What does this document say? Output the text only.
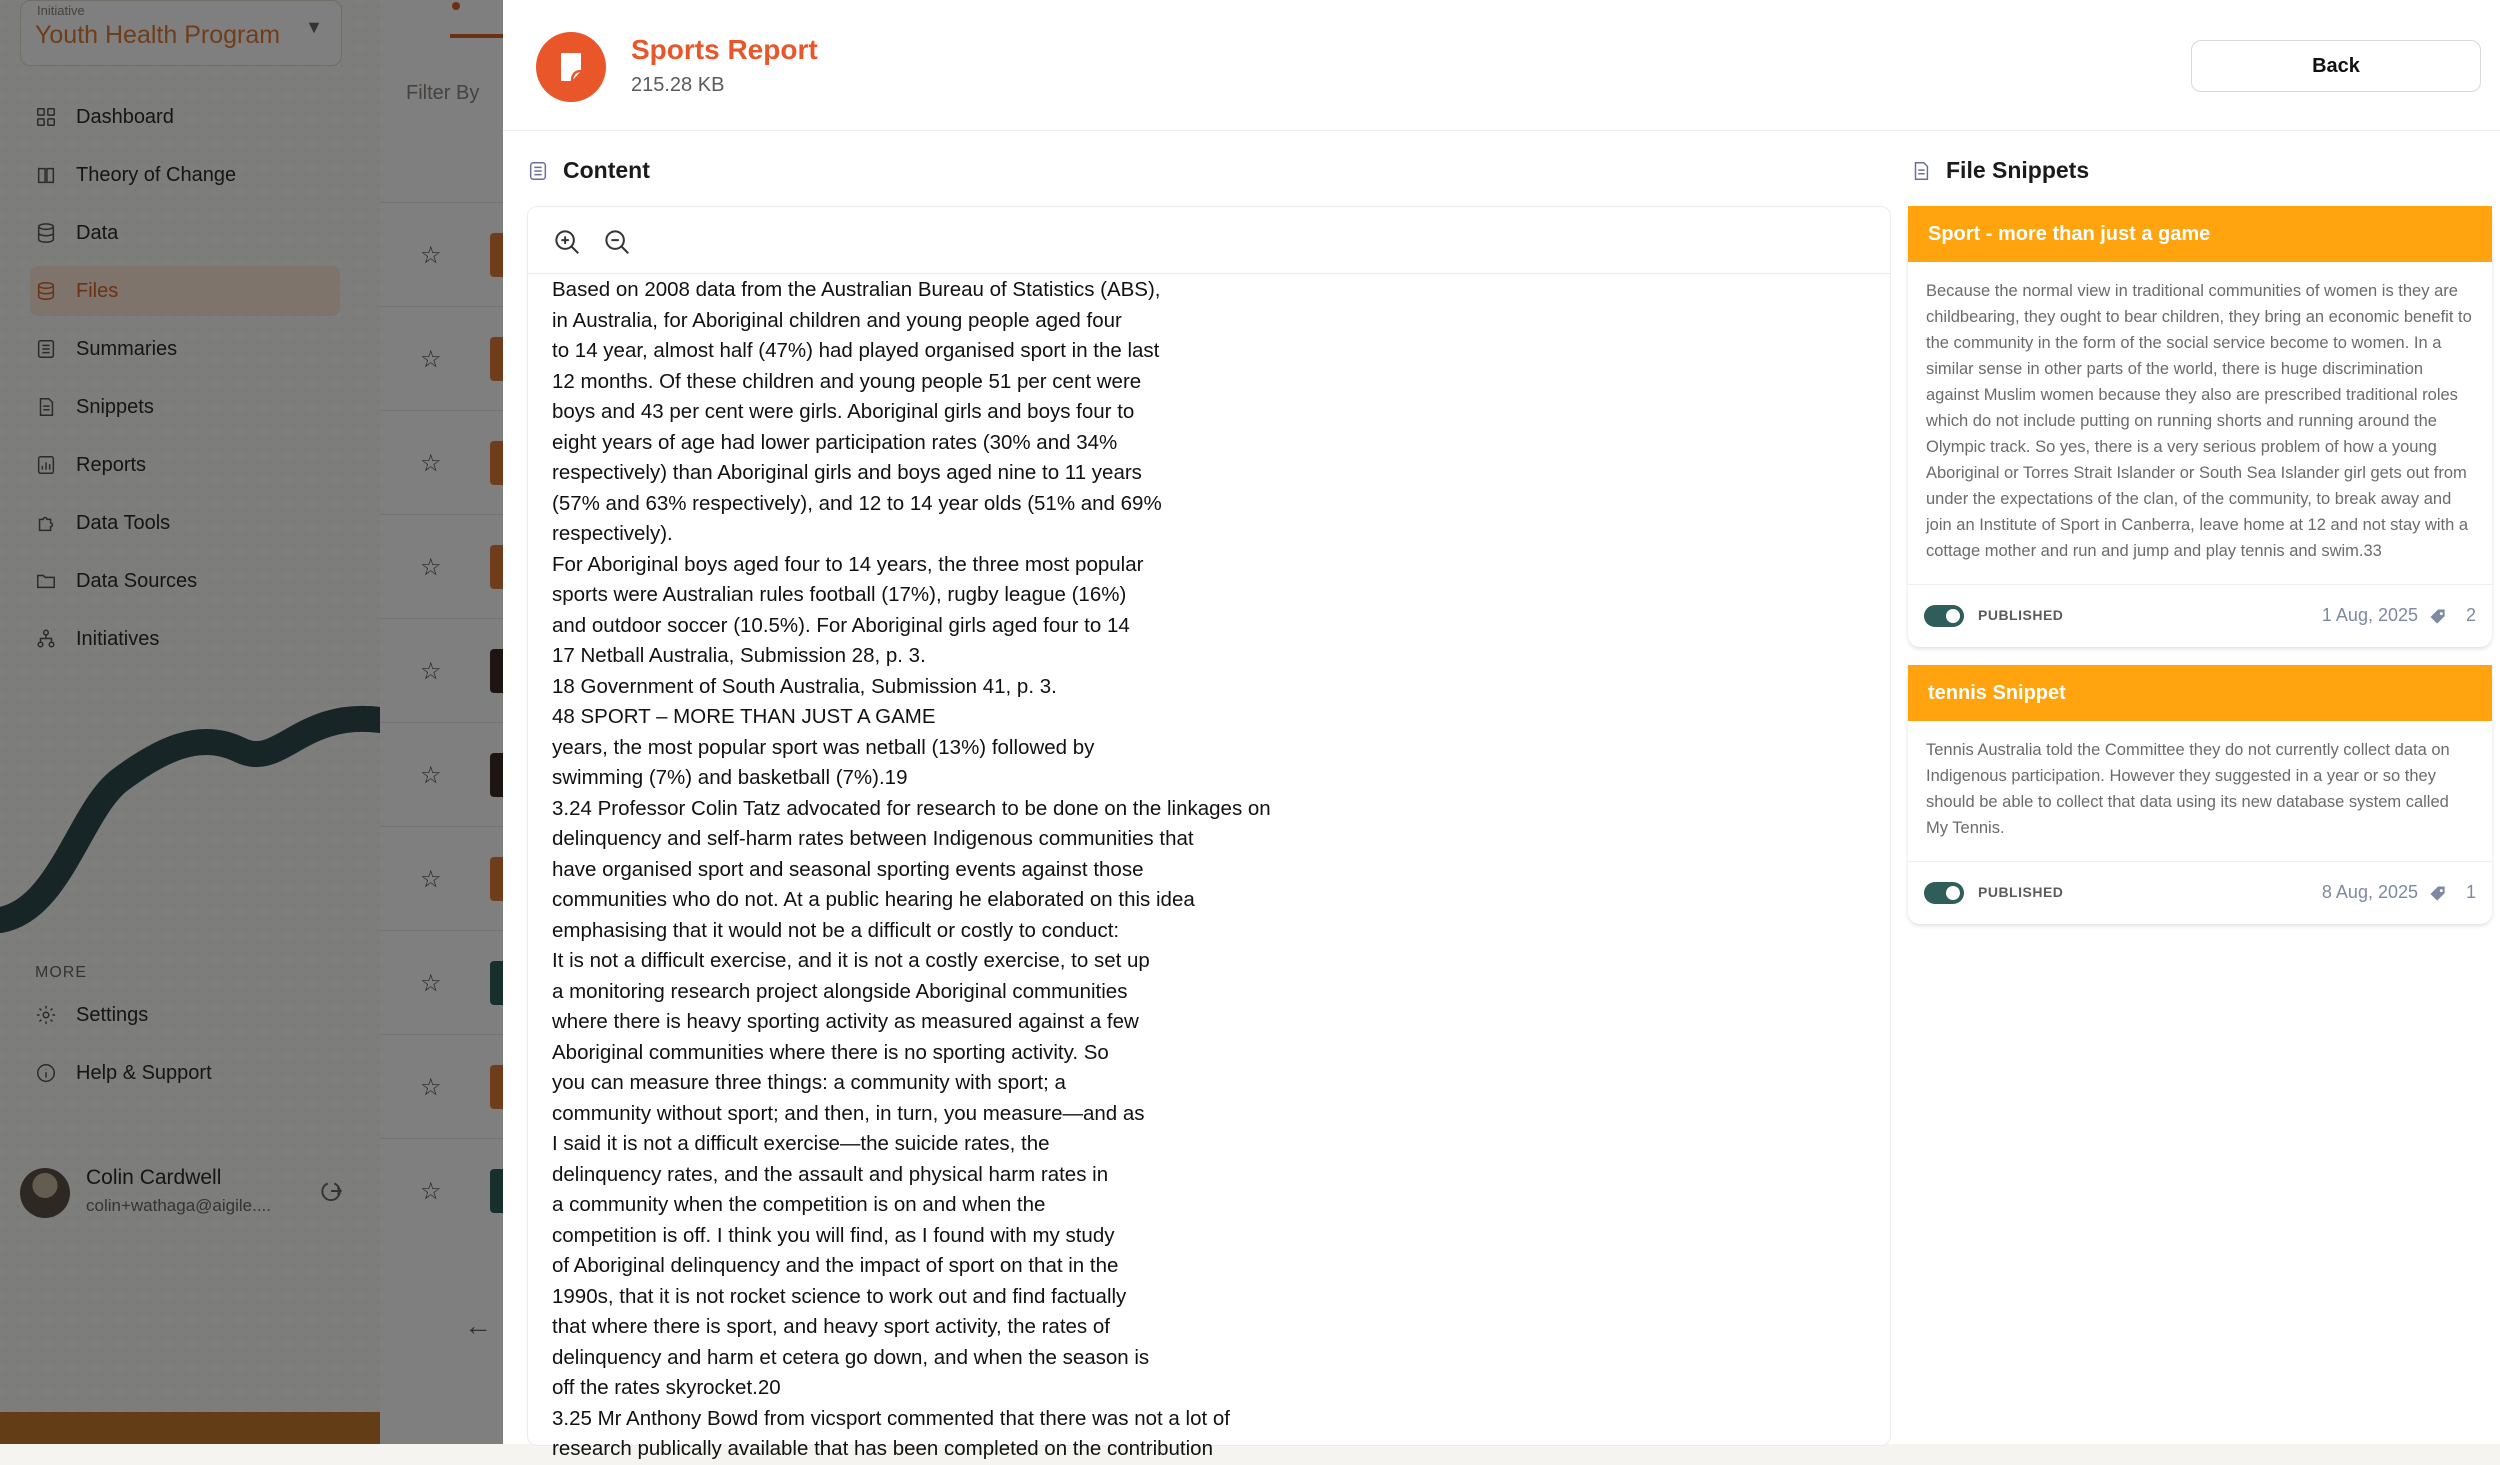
Sports Report
215.28 KB
Back
Content	File Snippets
Based on 2008 data from the Australian Bureau of Statistics (ABS),
in Australia, for Aboriginal children and young people aged four
to 14 year, almost half (47%) had played organised sport in the last
12 months. Of these children and young people 51 per cent were
boys and 43 per cent were girls. Aboriginal girls and boys four to
eight years of age had lower participation rates (30% and 34%
respectively) than Aboriginal girls and boys aged nine to 11 years
(57% and 63% respectively), and 12 to 14 year olds (51% and 69%
respectively).
For Aboriginal boys aged four to 14 years, the three most popular
sports were Australian rules football (17%), rugby league (16%)
and outdoor soccer (10.5%). For Aboriginal girls aged four to 14
17 Netball Australia, Submission 28, p. 3.
18 Government of South Australia, Submission 41, p. 3.
48 SPORT – MORE THAN JUST A GAME
years, the most popular sport was netball (13%) followed by
swimming (7%) and basketball (7%).19
3.24 Professor Colin Tatz advocated for research to be done on the linkages on
delinquency and self-harm rates between Indigenous communities that
have organised sport and seasonal sporting events against those
communities who do not. At a public hearing he elaborated on this idea
emphasising that it would not be a difficult or costly to conduct:
It is not a difficult exercise, and it is not a costly exercise, to set up
a monitoring research project alongside Aboriginal communities
where there is heavy sporting activity as measured against a few
Aboriginal communities where there is no sporting activity. So
you can measure three things: a community with sport; a
community without sport; and then, in turn, you measure—and as
I said it is not a difficult exercise—the suicide rates, the
delinquency rates, and the assault and physical harm rates in
a community when the competition is on and when the
competition is off. I think you will find, as I found with my study
of Aboriginal delinquency and the impact of sport on that in the
1990s, that it is not rocket science to work out and find factually
that where there is sport, and heavy sport activity, the rates of
delinquency and harm et cetera go down, and when the season is
off the rates skyrocket.20
3.25 Mr Anthony Bowd from vicsport commented that there was not a lot of
research publically available that has been completed on the contribution
Sport - more than just a game
Because the normal view in traditional communities of women is they are childbearing, they ought to bear children, they bring an economic benefit to the community in the form of the social service become to women. In a similar sense in other parts of the world, there is huge discrimination against Muslim women because they also are prescribed traditional roles which do not include putting on running shorts and running around the Olympic track. So yes, there is a very serious problem of how a young Aboriginal or Torres Strait Islander or South Sea Islander girl gets out from under the expectations of the clan, of the community, to break away and join an Institute of Sport in Canberra, leave home at 12 and not stay with a cottage mother and run and jump and play tennis and swim.33
PUBLISHED	1 Aug, 2025	2
tennis Snippet
Tennis Australia told the Committee they do not currently collect data on Indigenous participation. However they suggested in a year or so they should be able to collect that data using its new database system called My Tennis.
PUBLISHED	8 Aug, 2025	1
